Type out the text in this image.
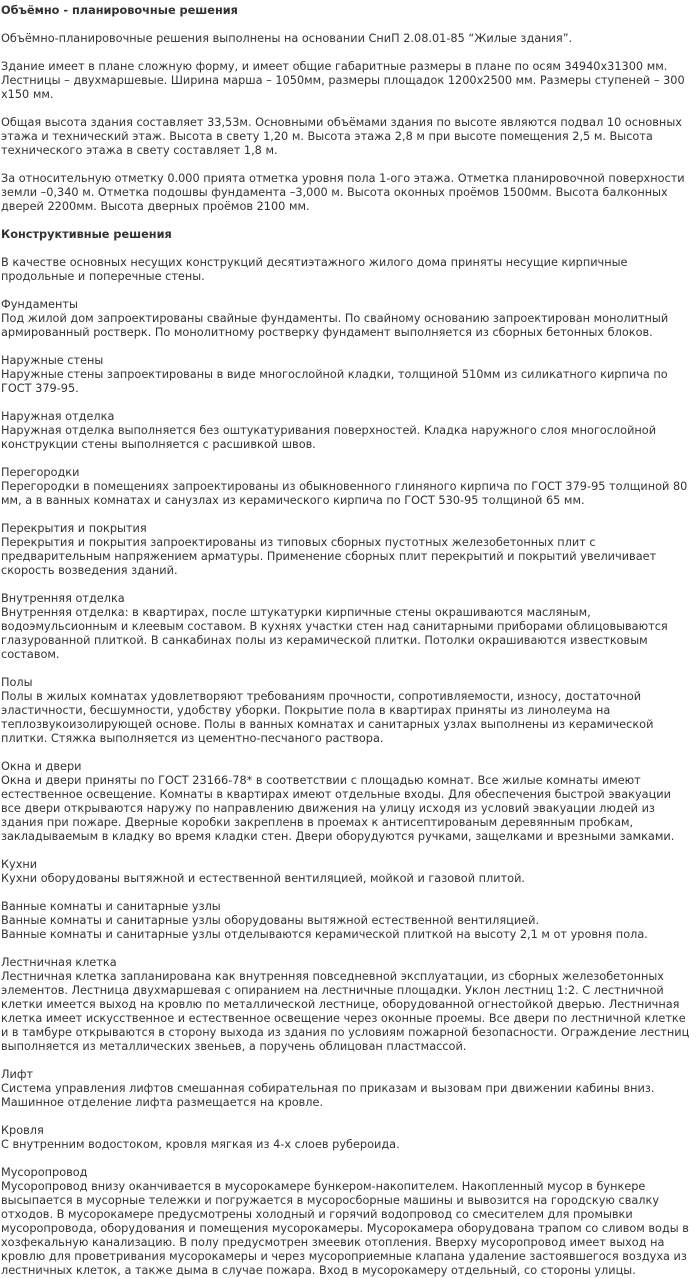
Объёмно - планировочные решения

Объёмно-планировочные решения выполнены на основании СниП 2.08.01-85 “Жилые здания”.

Здание имеет в плане сложную форму, и имеет общие габаритные размеры в плане по осям 34940х31300 мм. Лестницы – двухмаршевые. Ширина марша – 1050мм, размеры площадок 1200х2500 мм. Размеры ступеней – 300 х150 мм.

Общая высота здания составляет 33,53м. Основными объёмами здания по высоте являются подвал 10 основных этажа и технический этаж. Высота в свету 1,20 м. Высота этажа 2,8 м при высоте помещения 2,5 м. Высота технического этажа в свету составляет 1,8 м.

За относительную отметку 0.000 прията отметка уровня пола 1-ого этажа. Отметка планировочной поверхности земли –0,340 м. Отметка подошвы фундамента –3,000 м. Высота оконных проёмов 1500мм. Высота балконных дверей 2200мм. Высота дверных проёмов 2100 мм.

Конструктивные решения

В качестве основных несущих конструкций десятиэтажного жилого дома приняты несущие кирпичные продольные и поперечные стены.

Фундаменты
Под жилой дом запроектированы свайные фундаменты. По свайному основанию запроектирован монолитный армированный ростверк. По монолитному ростверку фундамент выполняется из сборных бетонных блоков.
Наружные стены
Наружные стены запроектированы в виде многослойной кладки, толщиной 510мм из силикатного кирпича по ГОСТ 379-95.
Наружная отделка
Наружная отделка выполняется без оштукатуривания поверхностей. Кладка наружного слоя многослойной конструкции стены выполняется с расшивкой швов.
Перегородки
Перегородки в помещениях запроектированы из обыкновенного глиняного кирпича по ГОСТ 379-95 толщиной 80 мм, а в ванных комнатах и санузлах из керамического кирпича по ГОСТ 530-95 толщиной 65 мм.
Перекрытия и покрытия
Перекрытия и покрытия запроектированы из типовых сборных пустотных железобетонных плит с предварительным напряжением арматуры. Применение сборных плит перекрытий и покрытий увеличивает скорость возведения зданий.
Внутренняя отделка
Внутренняя отделка: в квартирах, после штукатурки кирпичные стены окрашиваются масляным, водоэмульсионным и клеевым составом. В кухнях участки стен над санитарными приборами облицовываются глазурованной плиткой. В санкабинах полы из керамической плитки. Потолки окрашиваются известковым составом.
Полы
Полы в жилых комнатах удовлетворяют требованиям прочности, сопротивляемости, износу, достаточной эластичности, бесшумности, удобству уборки. Покрытие пола в квартирах приняты из линолеума на теплозвукоизолирующей основе. Полы в ванных комнатах и санитарных узлах выполнены из керамической плитки. Стяжка выполняется из цементно-песчаного раствора.
Окна и двери
Окна и двери приняты по ГОСТ 23166-78* в соответствии с площадью комнат. Все жилые комнаты имеют естественное освещение. Комнаты в квартирах имеют отдельные входы. Для обеспечения быстрой эвакуации все двери открываются наружу по направлению движения на улицу исходя из условий эвакуации людей из здания при пожаре. Дверные коробки закрепленв в проемах к антисептированым деревянным пробкам, закладываемым в кладку во время кладки стен. Двери оборудуются ручками, защелками и врезными замками.
Кухни
Кухни оборудованы вытяжной и естественной вентиляцией, мойкой и газовой плитой.
Ванные комнаты и санитарные узлы
Ванные комнаты и санитарные узлы оборудованы вытяжной естественной вентиляцией.
Ванные комнаты и санитарные узлы отделываются керамической плиткой на высоту 2,1 м от уровня пола.
Лестничная клетка
Лестничная клетка запланирована как внутренняя повседневной эксплуатации, из сборных железобетонных элементов. Лестница двухмаршевая с опиранием на лестничные площадки. Уклон лестниц 1:2. С лестничной клетки имеется выход на кровлю по металлической лестнице, оборудованной огнестойкой дверью. Лестничная клетка имеет искусственное и естественное освещение через оконные проемы. Все двери по лестничной клетке и в тамбуре открываются в сторону выхода из здания по условиям пожарной безопасности. Ограждение лестниц выполняется из металлических звеньев, а поручень облицован пластмассой.
Лифт
Система управления лифтов смешанная собирательная по приказам и вызовам при движении кабины вниз. Машинное отделение лифта размещается на кровле.
Кровля
С внутренним водостоком, кровля мягкая из 4-х слоев рубероида.
Мусоропровод
Мусоропровод внизу оканчивается в мусорокамере бункером-накопителем. Накопленный мусор в бункере высыпается в мусорные тележки и погружается в мусоросборные машины и вывозится на городскую свалку отходов. В мусорокамере предусмотрены холодный и горячий водопровод со смесителем для промывки мусоропровода, оборудования и помещения мусорокамеры. Мусорокамера оборудована трапом со сливом воды в хозфекальную канализацию. В полу предусмотрен змеевик отопления. Вверху мусоропровод имеет выход на кровлю для проветривания мусорокамеры и через мусороприемные клапана удаление застоявшегося воздуха из лестничных клеток, а также дымa в случае пожара. Вход в мусорокамеру отдельный, со стороны улицы.
